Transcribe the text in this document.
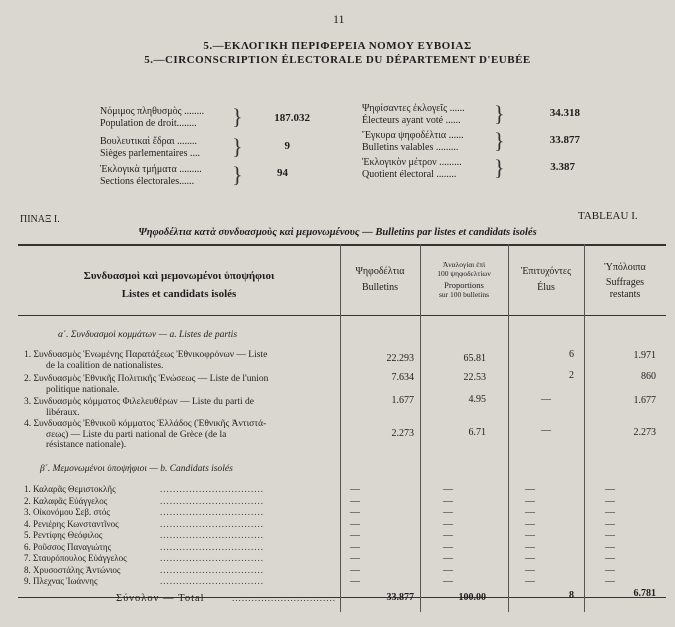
11
5.—ΕΚΛΟΓΙΚΗ ΠΕΡΙΦΕΡΕΙΑ ΝΟΜΟΥ ΕΥΒΟΙΑΣ
5.—CIRCONSCRIPTION ÉLECTORALE DU DÉPARTEMENT D'EUBÉE
Νόμιμος πληθυσμὸς ........
Population de droit........	}	187.032
Βουλευτικαὶ ἕδραι ........
Sièges parlementaires .... }	9
Ἐκλογικὰ τμήματα .........
Sections électorales......	}	94
Ψηφίσαντες ἐκλογεῖς ......
Électeurs ayant voté ...... }	34.318
Ἔγκυρα ψηφοδέλτια ......
Bulletins valables ......... }	33.877
Ἐκλογικὸν μέτρον .........
Quotient électoral ........ }	3.387
ΠΙΝΑΞ Ι.	TABLEAU I.
Ψηφοδέλτια κατὰ συνδυασμοὺς καὶ μεμονωμένους — Bulletins par listes et candidats isolés
Συνδυασμοὶ καὶ μεμονωμένοι ὑποψήφιοι
Listes et candidats isolés
Ψηφοδέλτια
Bulletins
Ἀναλογίαι ἐπὶ
100 ψηφοδελτίων
Proportions
sur 100 bulletins
Ἐπιτυχόντες
Élus
Ὑπόλοιπα
Suffrages
restants
α΄. Συνδυασμοὶ κομμάτων — a. Listes de partis
1. Συνδυασμὸς Ἑνωμένης Παρατάξεως Ἐθνικοφρόνων — Liste
de la coalition de nationalistes.
22.293	65.81	6	1.971
2. Συνδυασμὸς Ἐθνικῆς Πολιτικῆς Ἑνώσεως — Liste de l'union
politique nationale.
7.634	22.53	2	860
3. Συνδυασμὸς κόμματος Φιλελευθέρων — Liste du parti de
libéraux.
1.677	4.95	—	1.677
4. Συνδυασμὸς Ἐθνικοῦ κόμματος Ἑλλάδος (Ἐθνικῆς Ἀντιστά-
σεως) — Liste du parti national de Grèce (de la
résistance nationale).
2.273	6.71	—	2.273
β΄. Μεμονωμένοι ὑποψήφιοι — b. Candidats isolés
1. Καλαρᾶς Θεμιστοκλῆς	................................	—	—	—	—
2. Καλαφᾶς Εὐάγγελος	................................	—	—	—	—
3. Οἰκονόμου Σεβ. στός	................................	—	—	—	—
4. Ρενιέρης Κωνσταντῖνος	................................	—	—	—	—
5. Ρεντίφης Θεόφιλος	................................	—	—	—	—
6. Ροῦσσος Παναγιώτης	................................	—	—	—	—
7. Σταυρόπουλος Εὐάγγελος	................................	—	—	—	—
8. Χρυσοστάλης Ἀντώνιος	................................	—	—	—	—
9. Πλεχνας Ἰωάννης	................................	—	—	—	—
Σύνολον — Total	................................	33.877	100.00	8	6.781
